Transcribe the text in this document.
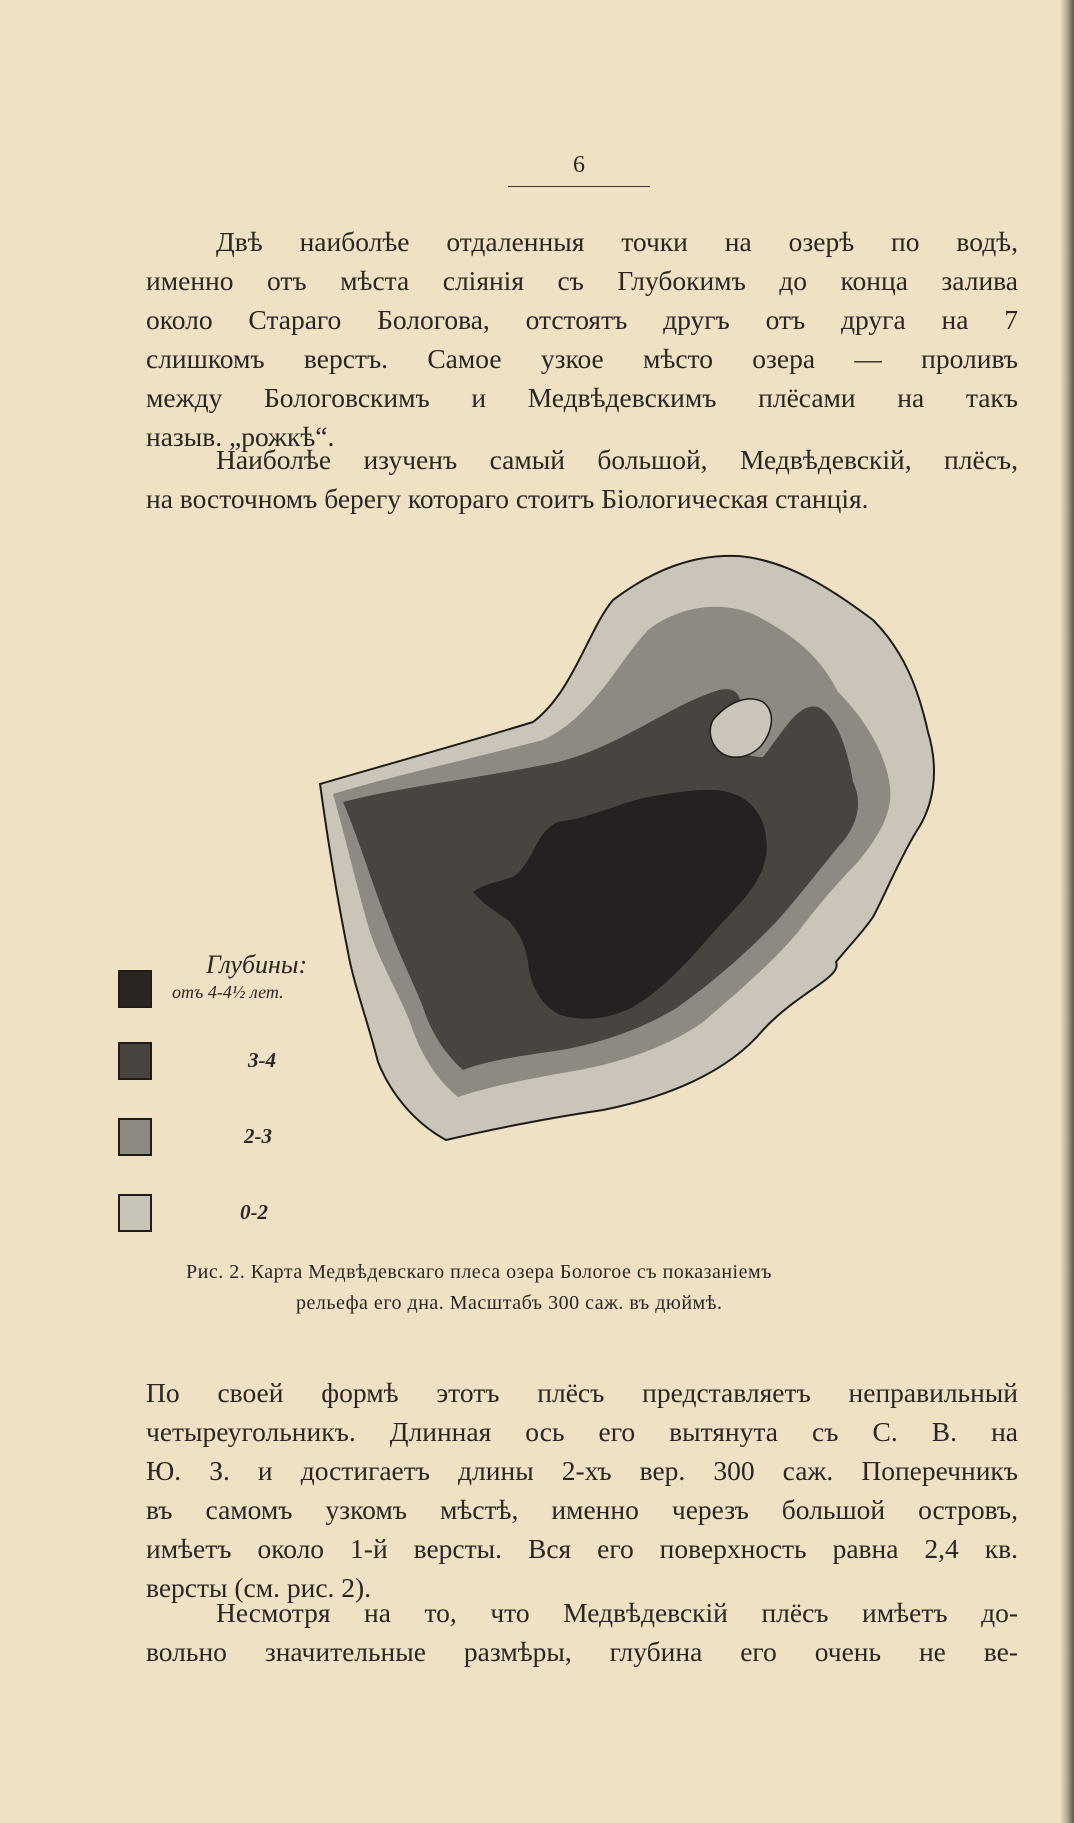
6
Двѣ наиболѣе отдаленныя точки на озерѣ по водѣ,
именно отъ мѣста сліянія съ Глубокимъ до конца залива
около Стараго Бологова, отстоятъ другъ отъ друга на 7
слишкомъ верстъ. Самое узкое мѣсто озера — проливъ
между Бологовскимъ и Медвѣдевскимъ плёсами на такъ
назыв. „рожкѣ“.
Наиболѣе изученъ самый большой, Медвѣдевскій, плёсъ,
на восточномъ берегу котораго стоитъ Біологическая станція.
Глубины:
отъ 4-4½ лет.
3-4
2-3
0-2
Рис. 2. Карта Медвѣдевскаго плеса озера Бологое съ показаніемъ
рельефа его дна. Масштабъ 300 саж. въ дюймѣ.
По своей формѣ этотъ плёсъ представляетъ неправильный
четыреугольникъ. Длинная ось его вытянута съ С. В. на
Ю. З. и достигаетъ длины 2-хъ вер. 300 саж. Поперечникъ
въ самомъ узкомъ мѣстѣ, именно черезъ большой островъ,
имѣетъ около 1-й версты. Вся его поверхность равна 2,4 кв.
версты (см. рис. 2).
Несмотря на то, что Медвѣдевскій плёсъ имѣетъ до-
вольно значительные размѣры, глубина его очень не ве-
